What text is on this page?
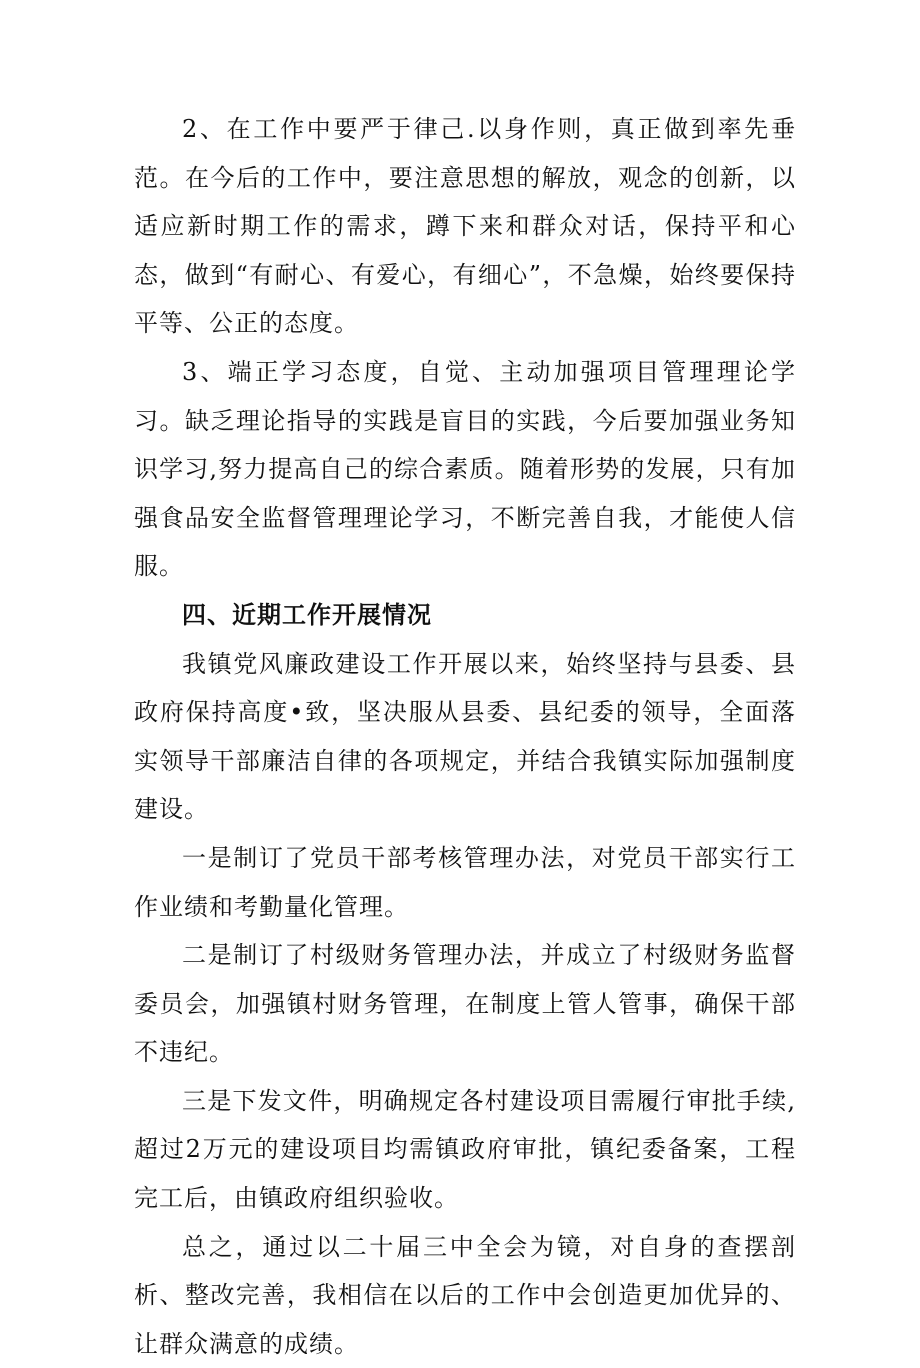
2、在工作中要严于律己.以身作则，真正做到率先垂范。在今后的工作中，要注意思想的解放，观念的创新，以适应新时期工作的需求，蹲下来和群众对话，保持平和心态，做到“有耐心、有爱心，有细心”，不急燥，始终要保持平等、公正的态度。

3、端正学习态度，自觉、主动加强项目管理理论学习。缺乏理论指导的实践是盲目的实践，今后要加强业务知识学习,努力提高自己的综合素质。随着形势的发展，只有加强食品安全监督管理理论学习，不断完善自我，才能使人信服。

四、近期工作开展情况

我镇党风廉政建设工作开展以来，始终坚持与县委、县政府保持高度•致，坚决服从县委、县纪委的领导，全面落实领导干部廉洁自律的各项规定，并结合我镇实际加强制度建设。

一是制订了党员干部考核管理办法，对党员干部实行工作业绩和考勤量化管理。

二是制订了村级财务管理办法，并成立了村级财务监督委员会，加强镇村财务管理，在制度上管人管事，确保干部不违纪。

三是下发文件，明确规定各村建设项目需履行审批手续,超过2万元的建设项目均需镇政府审批，镇纪委备案，工程完工后，由镇政府组织验收。

总之，通过以二十届三中全会为镜，对自身的查摆剖析、整改完善，我相信在以后的工作中会创造更加优异的、让群众满意的成绩。
